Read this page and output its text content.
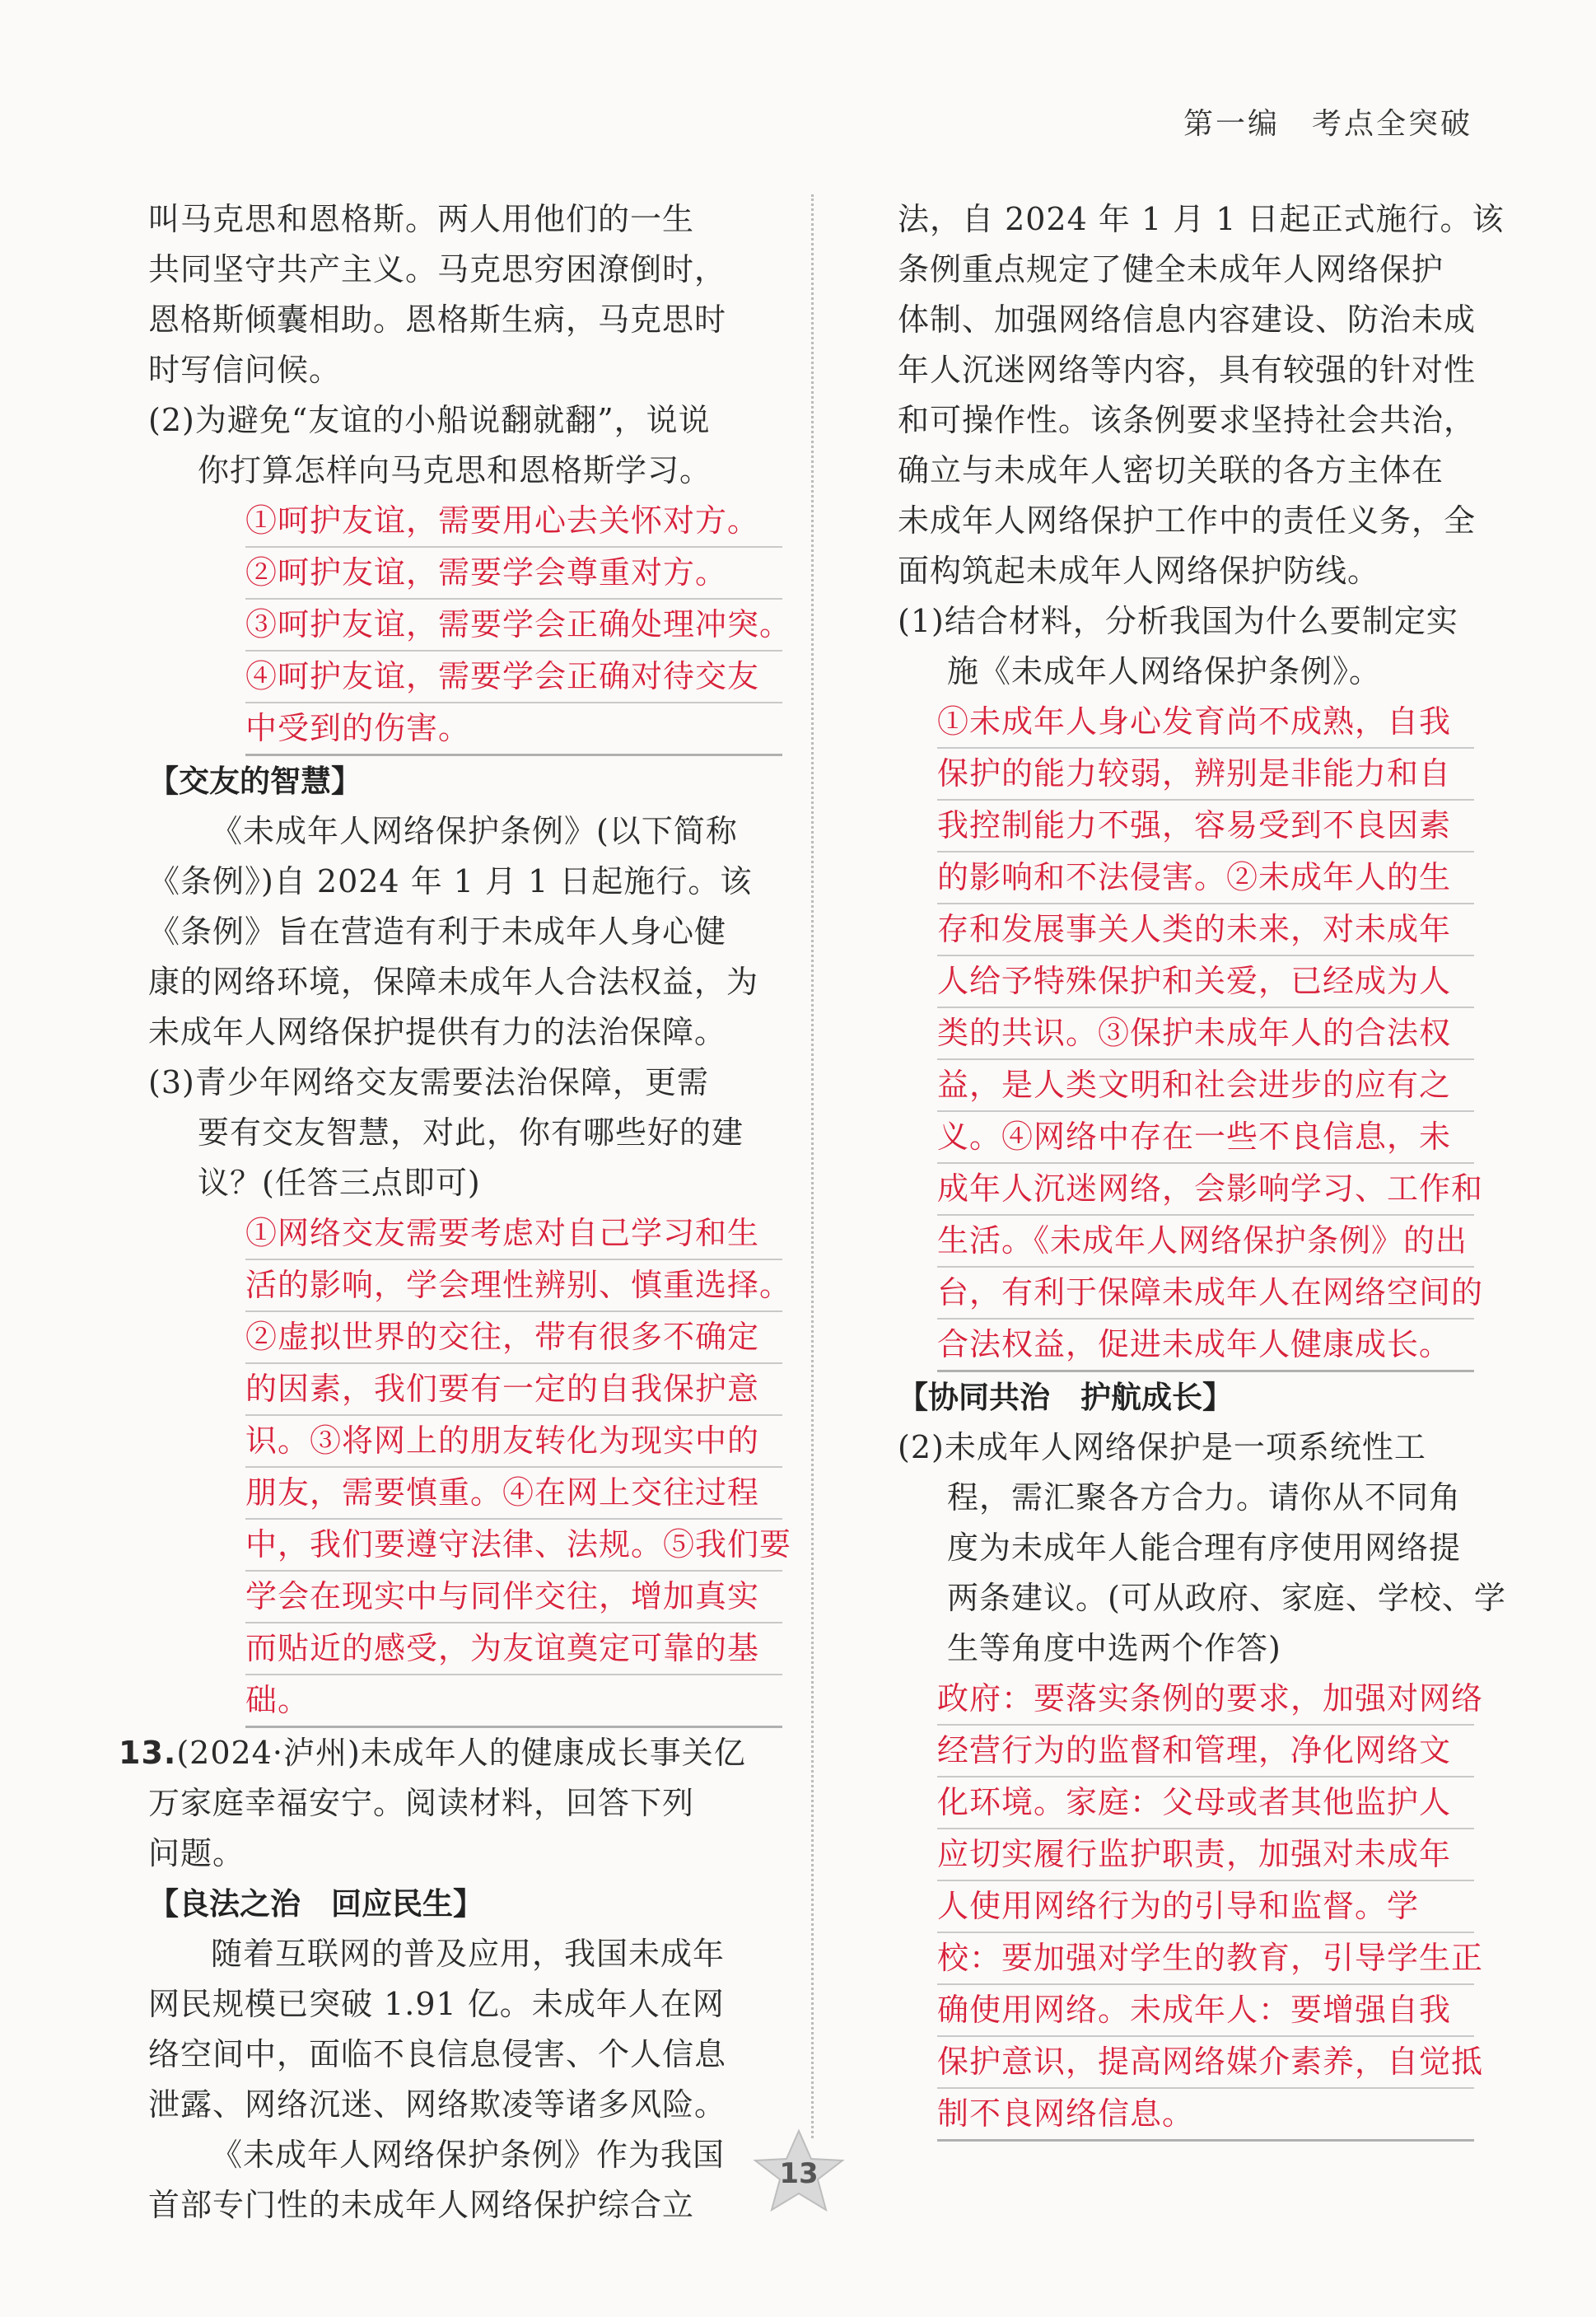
第一编　考点全突破

叫马克思和恩格斯。两人用他们的一生

共同坚守共产主义。马克思穷困潦倒时，

恩格斯倾囊相助。恩格斯生病，马克思时

时写信问候。

(2)为避免“友谊的小船说翻就翻”，说说

你打算怎样向马克思和恩格斯学习。

①呵护友谊，需要用心去关怀对方。

②呵护友谊，需要学会尊重对方。

③呵护友谊，需要学会正确处理冲突。

④呵护友谊，需要学会正确对待交友

中受到的伤害。

【交友的智慧】

《未成年人网络保护条例》(以下简称

《条例》)自 2024 年 1 月 1 日起施行。该

《条例》旨在营造有利于未成年人身心健

康的网络环境，保障未成年人合法权益，为

未成年人网络保护提供有力的法治保障。

(3)青少年网络交友需要法治保障，更需

要有交友智慧，对此，你有哪些好的建

议？(任答三点即可)

①网络交友需要考虑对自己学习和生

活的影响，学会理性辨别、慎重选择。

②虚拟世界的交往，带有很多不确定

的因素，我们要有一定的自我保护意

识。③将网上的朋友转化为现实中的

朋友，需要慎重。④在网上交往过程

中，我们要遵守法律、法规。⑤我们要

学会在现实中与同伴交往，增加真实

而贴近的感受，为友谊奠定可靠的基

础。

13.(2024·泸州)未成年人的健康成长事关亿

万家庭幸福安宁。阅读材料，回答下列

问题。

【良法之治　回应民生】

随着互联网的普及应用，我国未成年

网民规模已突破 1.91 亿。未成年人在网

络空间中，面临不良信息侵害、个人信息

泄露、网络沉迷、网络欺凌等诸多风险。

《未成年人网络保护条例》作为我国

首部专门性的未成年人网络保护综合立

法，自 2024 年 1 月 1 日起正式施行。该

条例重点规定了健全未成年人网络保护

体制、加强网络信息内容建设、防治未成

年人沉迷网络等内容，具有较强的针对性

和可操作性。该条例要求坚持社会共治，

确立与未成年人密切关联的各方主体在

未成年人网络保护工作中的责任义务，全

面构筑起未成年人网络保护防线。

(1)结合材料，分析我国为什么要制定实

施《未成年人网络保护条例》。

①未成年人身心发育尚不成熟，自我

保护的能力较弱，辨别是非能力和自

我控制能力不强，容易受到不良因素

的影响和不法侵害。②未成年人的生

存和发展事关人类的未来，对未成年

人给予特殊保护和关爱，已经成为人

类的共识。③保护未成年人的合法权

益，是人类文明和社会进步的应有之

义。④网络中存在一些不良信息，未

成年人沉迷网络，会影响学习、工作和

生活。《未成年人网络保护条例》的出

台，有利于保障未成年人在网络空间的

合法权益，促进未成年人健康成长。

【协同共治　护航成长】

(2)未成年人网络保护是一项系统性工

程，需汇聚各方合力。请你从不同角

度为未成年人能合理有序使用网络提

两条建议。(可从政府、家庭、学校、学

生等角度中选两个作答)

政府：要落实条例的要求，加强对网络

经营行为的监督和管理，净化网络文

化环境。家庭：父母或者其他监护人

应切实履行监护职责，加强对未成年

人使用网络行为的引导和监督。学

校：要加强对学生的教育，引导学生正

确使用网络。未成年人：要增强自我

保护意识，提高网络媒介素养，自觉抵

制不良网络信息。

13
